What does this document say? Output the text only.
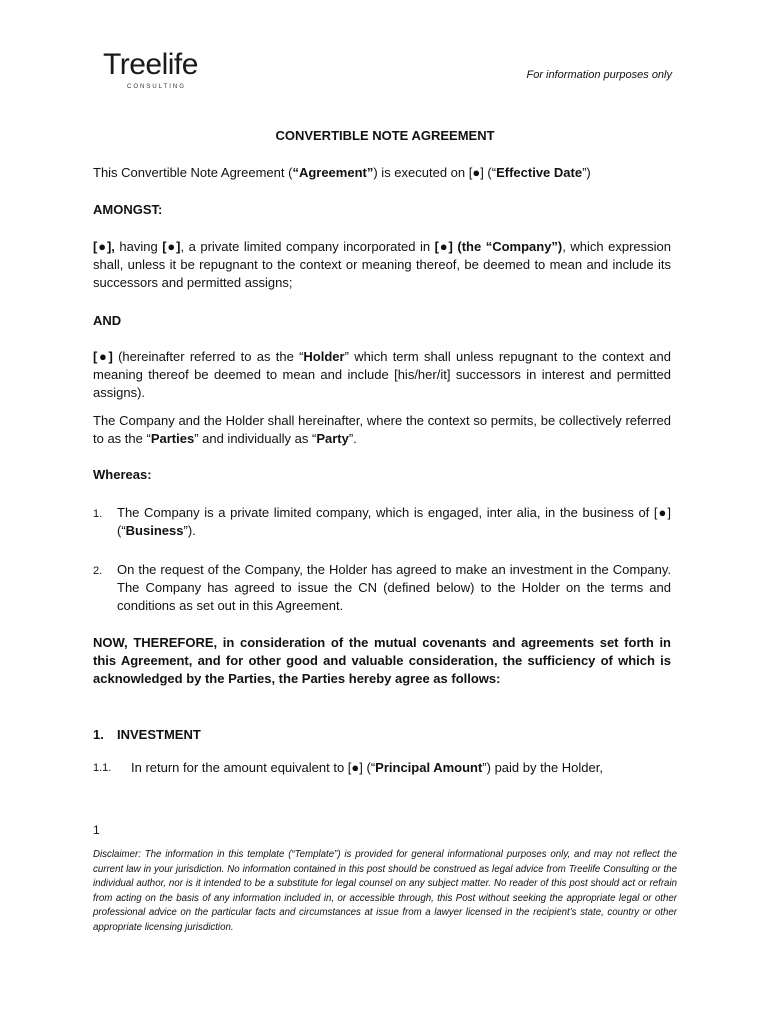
Treelife
CONSULTING
For information purposes only
CONVERTIBLE NOTE AGREEMENT
This Convertible Note Agreement (“Agreement”) is executed on [●] (“Effective Date”)
AMONGST:
[●], having [●], a private limited company incorporated in [●] (the “Company”), which expression shall, unless it be repugnant to the context or meaning thereof, be deemed to mean and include its successors and permitted assigns;
AND
[●] (hereinafter referred to as the “Holder” which term shall unless repugnant to the context and meaning thereof be deemed to mean and include [his/her/it] successors in interest and permitted assigns).
The Company and the Holder shall hereinafter, where the context so permits, be collectively referred to as the “Parties” and individually as “Party”.
Whereas:
1. The Company is a private limited company, which is engaged, inter alia, in the business of [●] (“Business”).
2. On the request of the Company, the Holder has agreed to make an investment in the Company. The Company has agreed to issue the CN (defined below) to the Holder on the terms and conditions as set out in this Agreement.
NOW, THEREFORE, in consideration of the mutual covenants and agreements set forth in this Agreement, and for other good and valuable consideration, the sufficiency of which is acknowledged by the Parties, the Parties hereby agree as follows:
1. INVESTMENT
1.1. In return for the amount equivalent to [●] (“Principal Amount”) paid by the Holder,
1
Disclaimer: The information in this template (“Template”) is provided for general informational purposes only, and may not reflect the current law in your jurisdiction. No information contained in this post should be construed as legal advice from Treelife Consulting or the individual author, nor is it intended to be a substitute for legal counsel on any subject matter. No reader of this post should act or refrain from acting on the basis of any information included in, or accessible through, this Post without seeking the appropriate legal or other professional advice on the particular facts and circumstances at issue from a lawyer licensed in the recipient’s state, country or other appropriate licensing jurisdiction.
